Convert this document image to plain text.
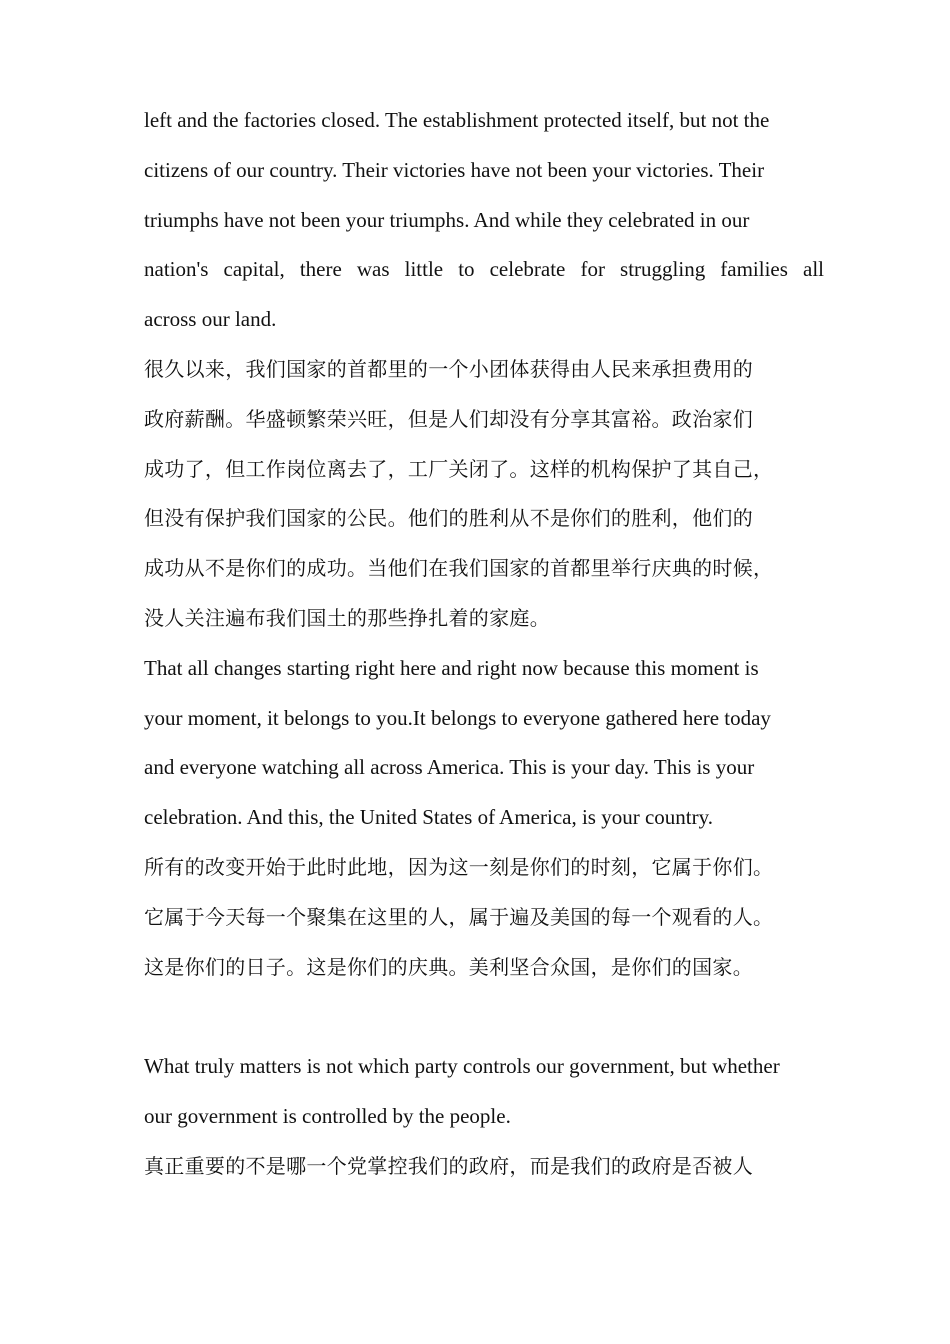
left and the factories closed. The establishment protected itself, but not the
citizens of our country. Their victories have not been your victories. Their
triumphs have not been your triumphs. And while they celebrated in our
nation's capital, there was little to celebrate for struggling families all
across our land.
很久以来，我们国家的首都里的一个小团体获得由人民来承担费用的
政府薪酬。华盛顿繁荣兴旺，但是人们却没有分享其富裕。政治家们
成功了，但工作岗位离去了，工厂关闭了。这样的机构保护了其自己，
但没有保护我们国家的公民。他们的胜利从不是你们的胜利，他们的
成功从不是你们的成功。当他们在我们国家的首都里举行庆典的时候，
没人关注遍布我们国土的那些挣扎着的家庭。
That all changes starting right here and right now because this moment is
your moment, it belongs to you.It belongs to everyone gathered here today
and everyone watching all across America. This is your day. This is your
celebration. And this, the United States of America, is your country.
所有的改变开始于此时此地，因为这一刻是你们的时刻，它属于你们。
它属于今天每一个聚集在这里的人，属于遍及美国的每一个观看的人。
这是你们的日子。这是你们的庆典。美利坚合众国，是你们的国家。
What truly matters is not which party controls our government, but whether
our government is controlled by the people.
真正重要的不是哪一个党掌控我们的政府，而是我们的政府是否被人
